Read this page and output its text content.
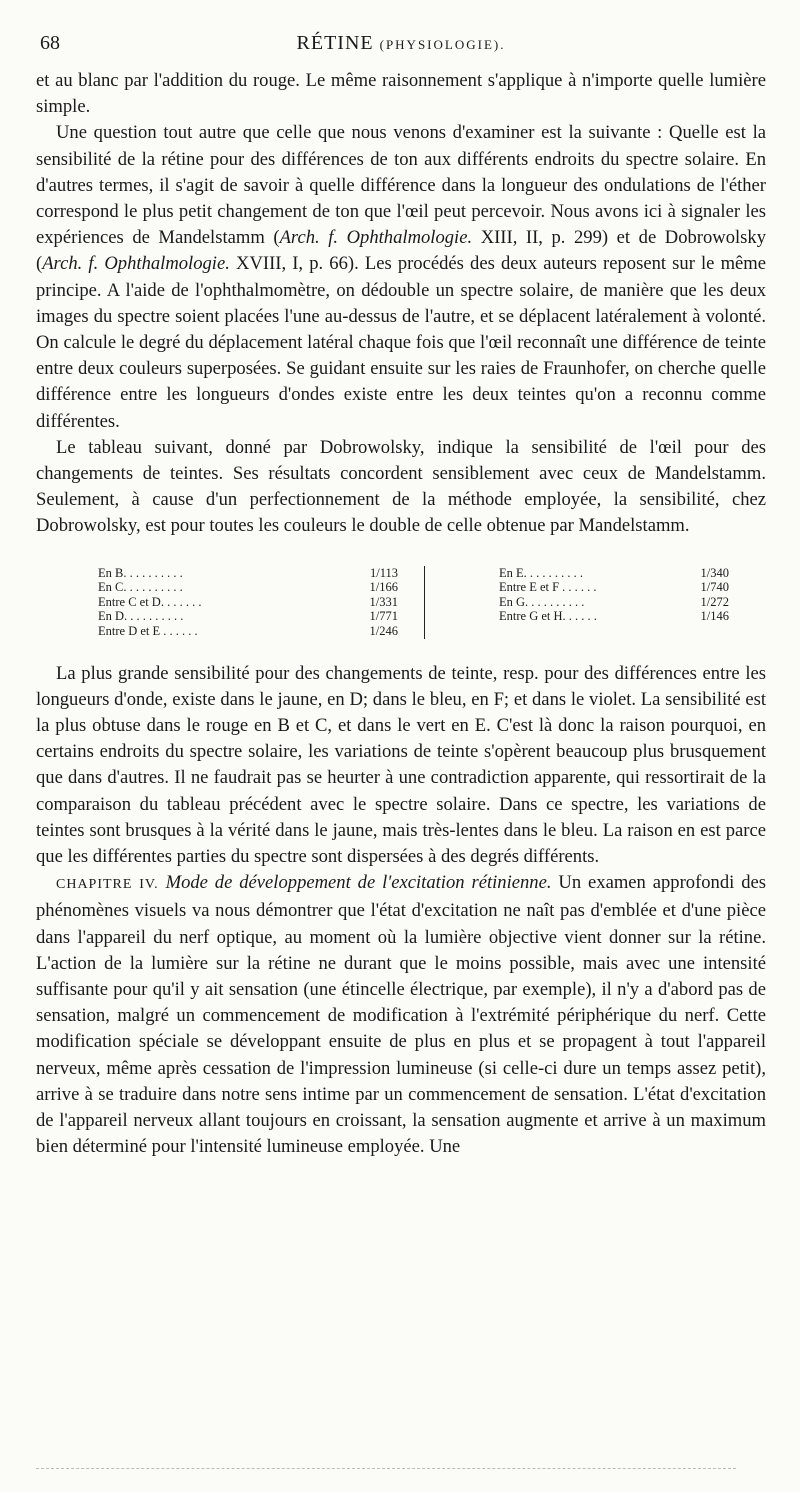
68	RÉTINE (PHYSIOLOGIE).

et au blanc par l'addition du rouge. Le même raisonnement s'applique à n'importe quelle lumière simple.

Une question tout autre que celle que nous venons d'examiner est la suivante : Quelle est la sensibilité de la rétine pour des différences de ton aux différents endroits du spectre solaire. En d'autres termes, il s'agit de savoir à quelle différence dans la longueur des ondulations de l'éther correspond le plus petit changement de ton que l'œil peut percevoir. Nous avons ici à signaler les expériences de Mandelstamm (Arch. f. Ophthalmologie. XIII, II, p. 299) et de Dobrowolsky (Arch. f. Ophthalmologie. XVIII, I, p. 66). Les procédés des deux auteurs reposent sur le même principe. A l'aide de l'ophthalmomètre, on dédouble un spectre solaire, de manière que les deux images du spectre soient placées l'une au-dessus de l'autre, et se déplacent latéralement à volonté. On calcule le degré du déplacement latéral chaque fois que l'œil reconnaît une différence de teinte entre deux couleurs superposées. Se guidant ensuite sur les raies de Fraunhofer, on cherche quelle différence entre les longueurs d'ondes existe entre les deux teintes qu'on a reconnu comme différentes.

Le tableau suivant, donné par Dobrowolsky, indique la sensibilité de l'œil pour des changements de teintes. Ses résultats concordent sensiblement avec ceux de Mandelstamm. Seulement, à cause d'un perfectionnement de la méthode employée, la sensibilité, chez Dobrowolsky, est pour toutes les couleurs le double de celle obtenue par Mandelstamm.

En B. . . . . . . . . .	1/113
En C. . . . . . . . . .	1/166
Entre C et D. . . . . . .	1/331
En D. . . . . . . . . .	1/771
Entre D et E . . . . . .	1/246
En E. . . . . . . . . .	1/340
Entre E et F . . . . . .	1/740
En G. . . . . . . . . .	1/272
Entre G et H. . . . . .	1/146

La plus grande sensibilité pour des changements de teinte, resp. pour des différences entre les longueurs d'onde, existe dans le jaune, en D; dans le bleu, en F; et dans le violet. La sensibilité est la plus obtuse dans le rouge en B et C, et dans le vert en E. C'est là donc la raison pourquoi, en certains endroits du spectre solaire, les variations de teinte s'opèrent beaucoup plus brusquement que dans d'autres. Il ne faudrait pas se heurter à une contradiction apparente, qui ressortirait de la comparaison du tableau précédent avec le spectre solaire. Dans ce spectre, les variations de teintes sont brusques à la vérité dans le jaune, mais très-lentes dans le bleu. La raison en est parce que les différentes parties du spectre sont dispersées à des degrés différents.

CHAPITRE IV. Mode de développement de l'excitation rétinienne. Un examen approfondi des phénomènes visuels va nous démontrer que l'état d'excitation ne naît pas d'emblée et d'une pièce dans l'appareil du nerf optique, au moment où la lumière objective vient donner sur la rétine. L'action de la lumière sur la rétine ne durant que le moins possible, mais avec une intensité suffisante pour qu'il y ait sensation (une étincelle électrique, par exemple), il n'y a d'abord pas de sensation, malgré un commencement de modification à l'extrémité périphérique du nerf. Cette modification spéciale se développant ensuite de plus en plus et se propagent à tout l'appareil nerveux, même après cessation de l'impression lumineuse (si celle-ci dure un temps assez petit), arrive à se traduire dans notre sens intime par un commencement de sensation. L'état d'excitation de l'appareil nerveux allant toujours en croissant, la sensation augmente et arrive à un maximum bien déterminé pour l'intensité lumineuse employée. Une
